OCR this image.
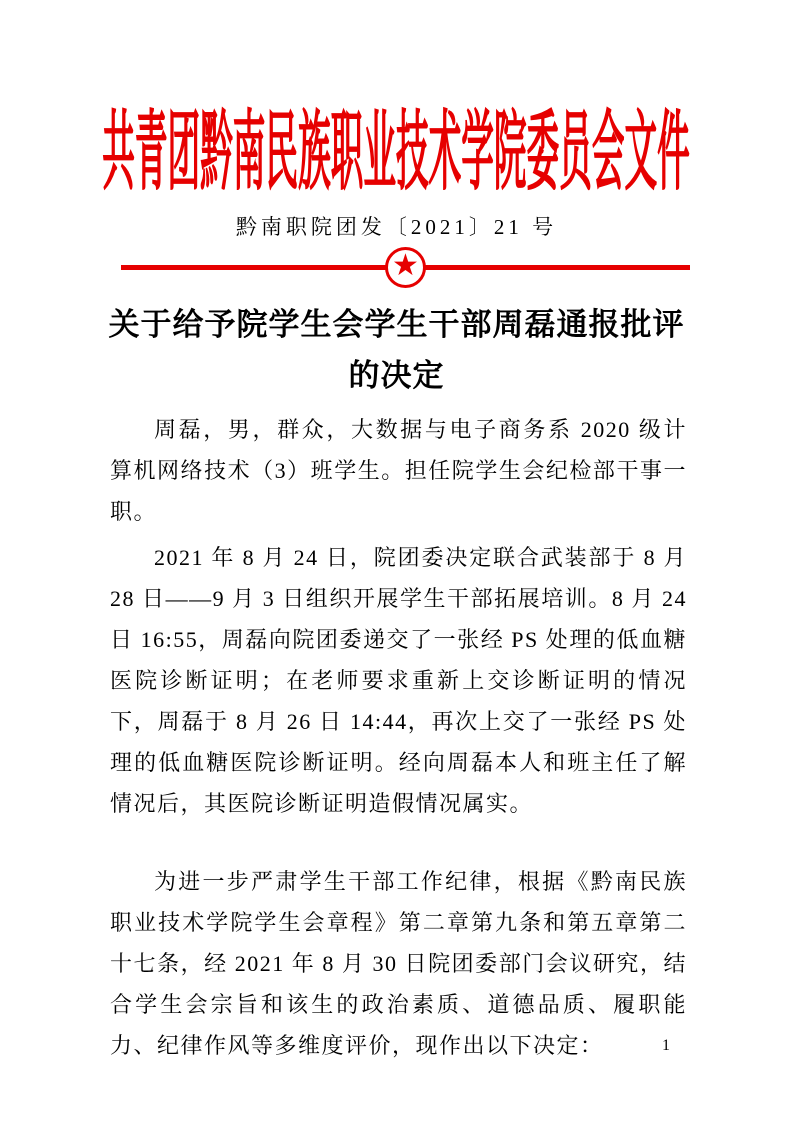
共青团黔南民族职业技术学院委员会文件
黔南职院团发〔2021〕21 号
★
关于给予院学生会学生干部周磊通报批评
的决定

周磊，男，群众，大数据与电子商务系 2020 级计算机网络技术（3）班学生。担任院学生会纪检部干事一职。

2021 年 8 月 24 日，院团委决定联合武装部于 8 月 28 日——9 月 3 日组织开展学生干部拓展培训。8 月 24 日 16:55，周磊向院团委递交了一张经 PS 处理的低血糖医院诊断证明；在老师要求重新上交诊断证明的情况下，周磊于 8 月 26 日 14:44，再次上交了一张经 PS 处理的低血糖医院诊断证明。经向周磊本人和班主任了解情况后，其医院诊断证明造假情况属实。

为进一步严肃学生干部工作纪律，根据《黔南民族职业技术学院学生会章程》第二章第九条和第五章第二十七条，经 2021 年 8 月 30 日院团委部门会议研究，结合学生会宗旨和该生的政治素质、道德品质、履职能力、纪律作风等多维度评价，现作出以下决定：	1
